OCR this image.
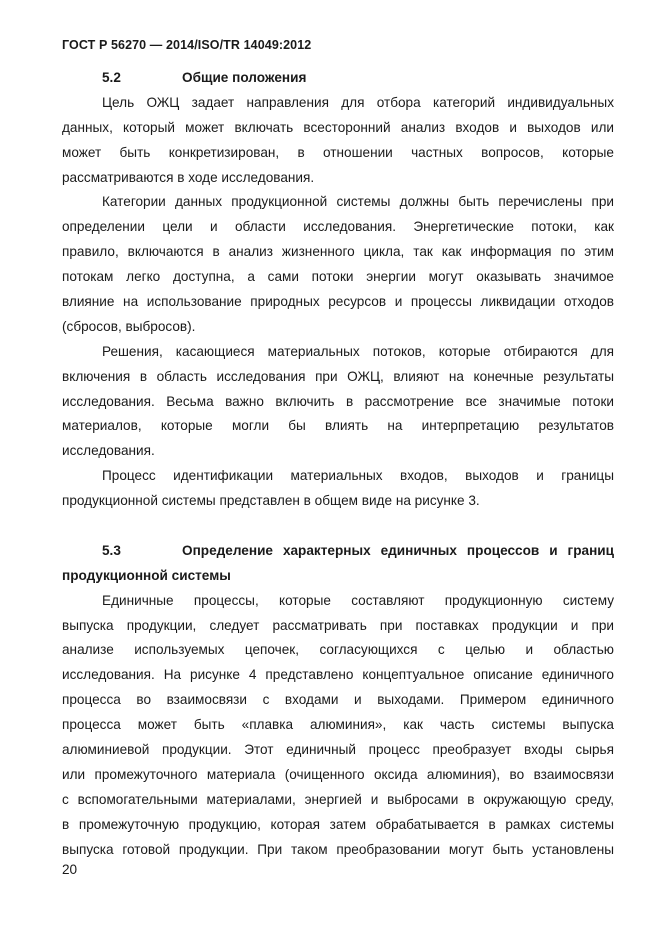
ГОСТ Р 56270 — 2014/ISO/TR 14049:2012
5.2	Общие положения
Цель ОЖЦ задает направления для отбора категорий индивидуальных
данных, который может включать всесторонний анализ входов и выходов или
может быть конкретизирован, в отношении частных вопросов, которые
рассматриваются в ходе исследования.
Категории данных продукционной системы должны быть перечислены при
определении цели и области исследования. Энергетические потоки, как
правило, включаются в анализ жизненного цикла, так как информация по этим
потокам легко доступна, а сами потоки энергии могут оказывать значимое
влияние на использование природных ресурсов и процессы ликвидации отходов
(сбросов, выбросов).
Решения, касающиеся материальных потоков, которые отбираются для
включения в область исследования при ОЖЦ, влияют на конечные результаты
исследования. Весьма важно включить в рассмотрение все значимые потоки
материалов, которые могли бы влиять на интерпретацию результатов
исследования.
Процесс идентификации материальных входов, выходов и границы
продукционной системы представлен в общем виде на рисунке 3.
5.3	Определение характерных единичных процессов и границ
продукционной системы
Единичные процессы, которые составляют продукционную систему
выпуска продукции, следует рассматривать при поставках продукции и при
анализе используемых цепочек, согласующихся с целью и областью
исследования. На рисунке 4 представлено концептуальное описание единичного
процесса во взаимосвязи с входами и выходами. Примером единичного
процесса может быть «плавка алюминия», как часть системы выпуска
алюминиевой продукции. Этот единичный процесс преобразует входы сырья
или промежуточного материала (очищенного оксида алюминия), во взаимосвязи
с вспомогательными материалами, энергией и выбросами в окружающую среду,
в промежуточную продукцию, которая затем обрабатывается в рамках системы
выпуска готовой продукции. При таком преобразовании могут быть установлены
20
